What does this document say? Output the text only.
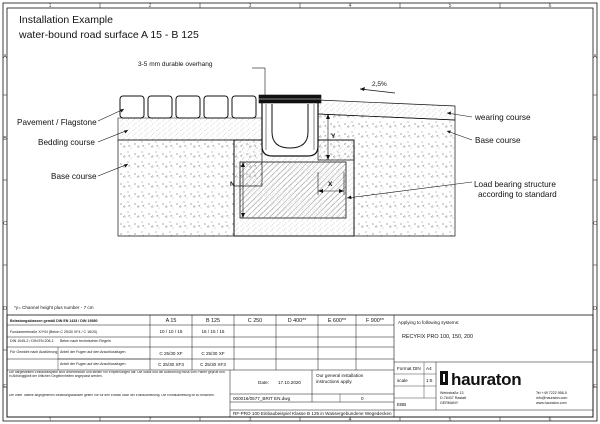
1	2	3	4	5	6
1	2	3	4	5	6
A
B
C
D
E
A
B
C
D
E
Installation Example
water-bound road surface A 15 - B 125
3-5 mm durable overhang
2,5%
N	X
Y
Pavement / Flagstone
Bedding course
Base course
wearing course
Base course
Load bearing structure
according to standard
*y= Channel height plus number - 7 cm
Belastungsklassen gemäß DIN EN 1433 / DIN 19580	A 15	B 125	C 250	D 400**	E 600**	F 900**
Fundamentmaße X/Y/N (Beton C 25/30 XF4 / C 16/20)	10 / 10 / 15	15 / 15 / 15
DIN 1045-2 / DIN EN 206-1 Beton nach technischen Regeln
Für Gewicht nach Ausführung Anteil der Fugen auf den Anschlussfugen	C 25/30 XF	C 25/30 XF
Anteil der Fugen auf den Anschlussfugen	C 25/30 XF3	C 25/30 XF3
Die dargestellten Einbaubeispiele sind unverbindlich und stellen nur Empfehlungen dar. Die Statik und die Ausführung muss vom Planer geprüft und in Abhängigkeit der örtlichen Gegebenheiten angepasst werden.
Die unter Tabelle angegebenen Belastungsklassen gelten nur für den Einbau nach der Einbauanleitung. Die Einbauanleitung ist zu beachten.
Applying to following systems:
RECYFIX PRO 100, 150, 200
Our general installation
instructions apply.
Date: 17.10.2020
000016/0577_BRIT EN.dwg	0
RF-PRO 100 Einbaubeispiel Klasse B 125 in Wassergebundene Wegedecken
Format DIN A4
scale	1:5
EBB
hauraton
Werkstraße 13
D-76437 Rastatt
GERMANY
Tel +49 7222 958-0
info@hauraton.com
www.hauraton.com
